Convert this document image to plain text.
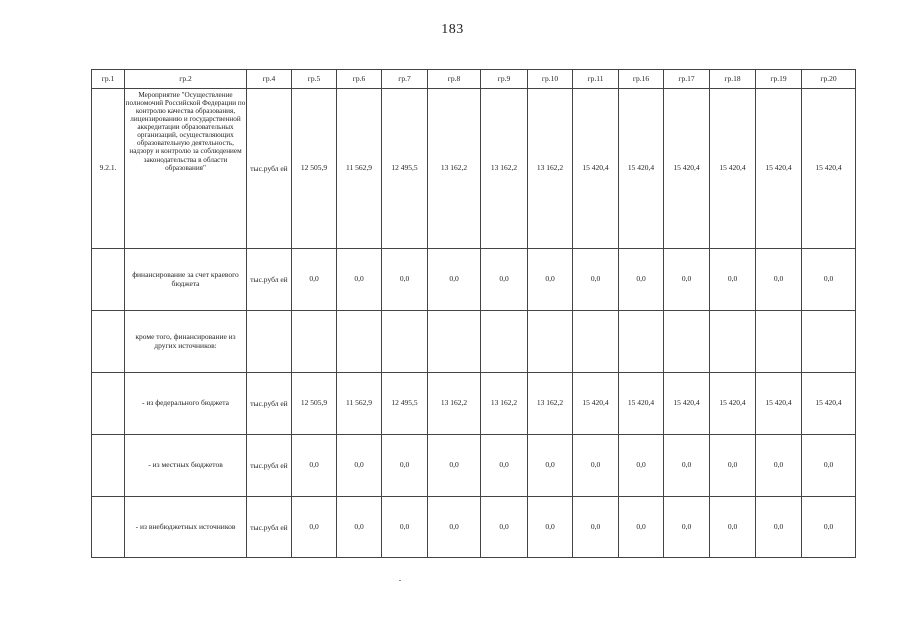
183
гр.1	гр.2	гр.4	гр.5	гр.6	гр.7	гр.8	гр.9	гр.10	гр.11	гр.16	гр.17	гр.18	гр.19	гр.20
9.2.1.	Мероприятие "Осуществление полномочий Российской Федерации по контролю качества образования, лицензированию и государственной аккредитации образовательных организаций, осуществляющих образовательную деятельность, надзору и контролю за соблюдением законодательства в области образования"	тыс.рубл ей	12 505,9	11 562,9	12 495,5	13 162,2	13 162,2	13 162,2	15 420,4	15 420,4	15 420,4	15 420,4	15 420,4	15 420,4
	финансирование за счет краевого бюджета	тыс.рубл ей	0,0	0,0	0,0	0,0	0,0	0,0	0,0	0,0	0,0	0,0	0,0	0,0
	кроме того, финансирование из других источников:													
	- из федерального бюджета	тыс.рубл ей	12 505,9	11 562,9	12 495,5	13 162,2	13 162,2	13 162,2	15 420,4	15 420,4	15 420,4	15 420,4	15 420,4	15 420,4
	- из местных бюджетов	тыс.рубл ей	0,0	0,0	0,0	0,0	0,0	0,0	0,0	0,0	0,0	0,0	0,0	0,0
	- из внебюджетных источников	тыс.рубл ей	0,0	0,0	0,0	0,0	0,0	0,0	0,0	0,0	0,0	0,0	0,0	0,0
